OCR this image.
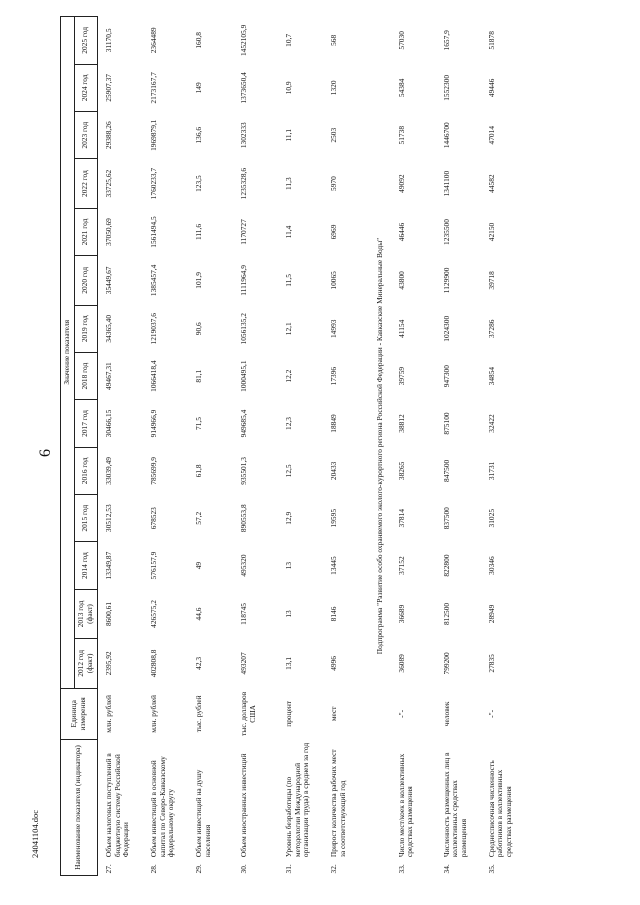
6
24041104.doc	Наименование показателя (индикатора)		Единица измерения	Значение показателя													
			2012 год (факт)	2013 год (факт)	2014 год	2015 год	2016 год	2017 год	2018 год	2019 год	2020 год	2021 год	2022 год	2023 год	2024 год	2025 год
27.	Объем налоговых поступлений в бюджетную систему Российской Федерации	млн. рублей	2395,92	8600,61	13349,87	30512,53	33039,49	30466,15	49467,31	34365,40	35449,67	37050,69	33725,62	29388,26	25907,37	31170,5
28.	Объем инвестиций в основной капитал по Северо-Кавказскому федеральному округу	млн. рублей	402808,8	426575,2	576157,9	678523	785699,9	914966,9	1066418,4	1219037,6	1385457,4	1561494,5	1760233,7	1969879,1	2173167,7	2364489
29.	Объем инвестиций на душу населения	тыс. рублей	42,3	44,6	49	57,2	61,8	71,5	81,1	90,6	101,9	111,6	123,5	136,6	149	160,8
30.	Объем иностранных инвестиций	тыс. долларов США	493207	118745	495320	890553,8	935501,3	949685,4	1000495,1	1056135,2	1111964,9	1170727	1235328,6	1302333	1373650,4	1452105,9
31.	Уровень безработицы (по методологии Международной организации труда) в среднем за год	процент	13,1	13	13	12,9	12,5	12,3	12,2	12,1	11,5	11,4	11,3	11,1	10,9	10,7
32.	Прирост количества рабочих мест за соответствующий год	мест	4996	8146	13445	19595	20433	18849	17396	14993	10065	6969	5970	2503	1320	568
Подпрограмма "Развитие особо охраняемого эколого-курортного региона Российской Федерации - Кавказские Минеральные Воды"																
33.	Число мест/коек в коллективных средствах размещения	-"-	36089	36689	37152	37814	38265	38812	39759	41154	43800	46446	49092	51738	54384	57030
34.	Численность размещенных лиц в коллективных средствах размещения	человек	799200	812500	822800	837500	847500	875100	947300	1024300	1129900	1235500	1341100	1446700	1552300	1657,9
35.	Среднесписочная численность работников в коллективных средствах размещения	-"-	27835	28949	30346	31025	31731	32422	34854	37286	39718	42150	44582	47014	49446	51878
